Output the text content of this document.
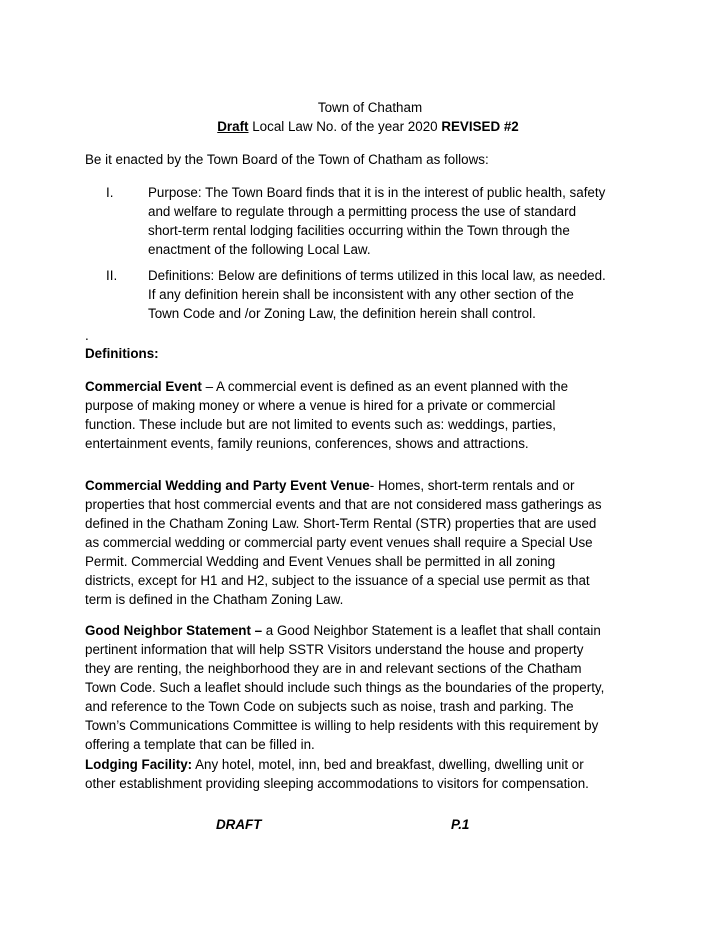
Town of Chatham
Draft Local Law No. of the year 2020 REVISED #2
Be it enacted by the Town Board of the Town of Chatham as follows:
I.	Purpose: The Town Board finds that it is in the interest of public health, safety
and welfare to regulate through a permitting process the use of standard
short-term rental lodging facilities occurring within the Town through the
enactment of the following Local Law.
II. Definitions: Below are definitions of terms utilized in this local law, as needed.
If any definition herein shall be inconsistent with any other section of the
Town Code and /or Zoning Law, the definition herein shall control.
.
Definitions:
Commercial Event – A commercial event is defined as an event planned with the
purpose of making money or where a venue is hired for a private or commercial
function. These include but are not limited to events such as: weddings, parties,
entertainment events, family reunions, conferences, shows and attractions.
Commercial Wedding and Party Event Venue- Homes, short-term rentals and or
properties that host commercial events and that are not considered mass gatherings as
defined in the Chatham Zoning Law. Short-Term Rental (STR) properties that are used
as commercial wedding or commercial party event venues shall require a Special Use
Permit. Commercial Wedding and Event Venues shall be permitted in all zoning
districts, except for H1 and H2, subject to the issuance of a special use permit as that
term is defined in the Chatham Zoning Law.
Good Neighbor Statement – a Good Neighbor Statement is a leaflet that shall contain
pertinent information that will help SSTR Visitors understand the house and property
they are renting, the neighborhood they are in and relevant sections of the Chatham
Town Code. Such a leaflet should include such things as the boundaries of the property,
and reference to the Town Code on subjects such as noise, trash and parking. The
Town’s Communications Committee is willing to help residents with this requirement by
offering a template that can be filled in.
Lodging Facility: Any hotel, motel, inn, bed and breakfast, dwelling, dwelling unit or
other establishment providing sleeping accommodations to visitors for compensation.
DRAFT	P.1
